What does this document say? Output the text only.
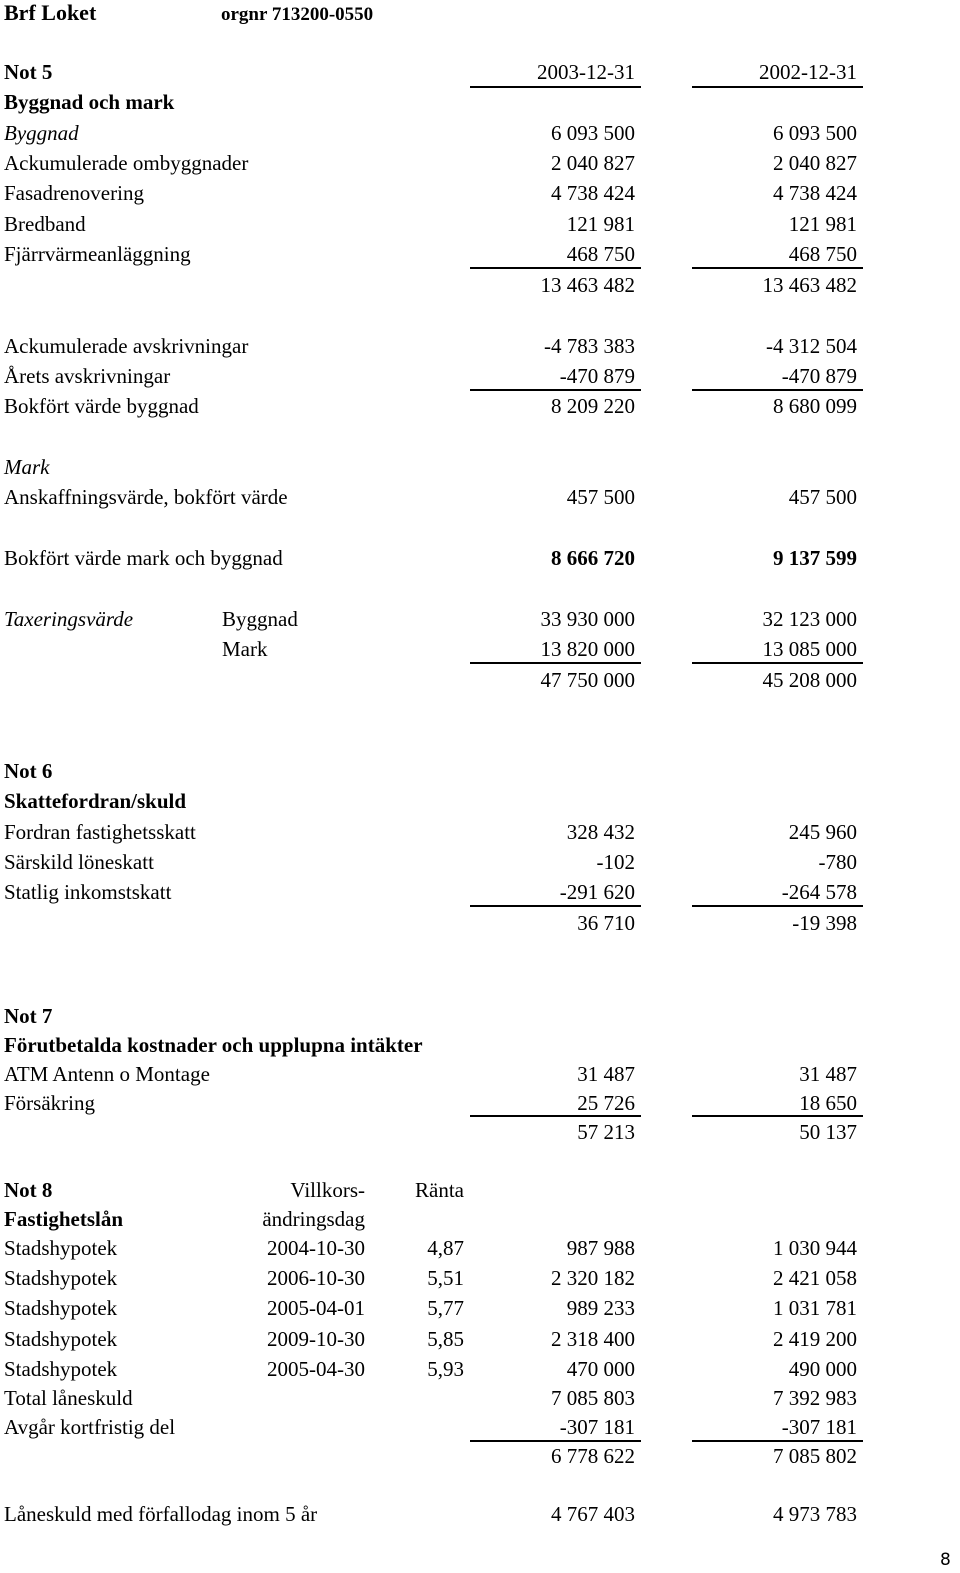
Brf Loket	orgnr 713200-0550
Not 5	2003-12-31	2002-12-31
Byggnad och mark
Byggnad	6 093 500	6 093 500
Ackumulerade ombyggnader	2 040 827	2 040 827
Fasadrenovering	4 738 424	4 738 424
Bredband	121 981	121 981
Fjärrvärmeanläggning	468 750	468 750
13 463 482	13 463 482
Ackumulerade avskrivningar	-4 783 383	-4 312 504
Årets avskrivningar	-470 879	-470 879
Bokfört värde byggnad	8 209 220	8 680 099
Mark
Anskaffningsvärde, bokfört värde	457 500	457 500
Bokfört värde mark och byggnad	8 666 720	9 137 599
Taxeringsvärde	Byggnad	33 930 000	32 123 000
Mark	13 820 000	13 085 000
47 750 000	45 208 000
Not 6
Skattefordran/skuld
Fordran fastighetsskatt	328 432	245 960
Särskild löneskatt	-102	-780
Statlig inkomstskatt	-291 620	-264 578
36 710	-19 398
Not 7
Förutbetalda kostnader och upplupna intäkter
ATM Antenn o Montage	31 487	31 487
Försäkring	25 726	18 650
57 213	50 137
Not 8	Villkors-	Ränta
Fastighetslån	ändringsdag
Stadshypotek	2004-10-30	4,87	987 988	1 030 944
Stadshypotek	2006-10-30	5,51	2 320 182	2 421 058
Stadshypotek	2005-04-01	5,77	989 233	1 031 781
Stadshypotek	2009-10-30	5,85	2 318 400	2 419 200
Stadshypotek	2005-04-30	5,93	470 000	490 000
Total låneskuld	7 085 803	7 392 983
Avgår kortfristig del	-307 181	-307 181
6 778 622	7 085 802
Låneskuld med förfallodag inom 5 år	4 767 403	4 973 783
8
